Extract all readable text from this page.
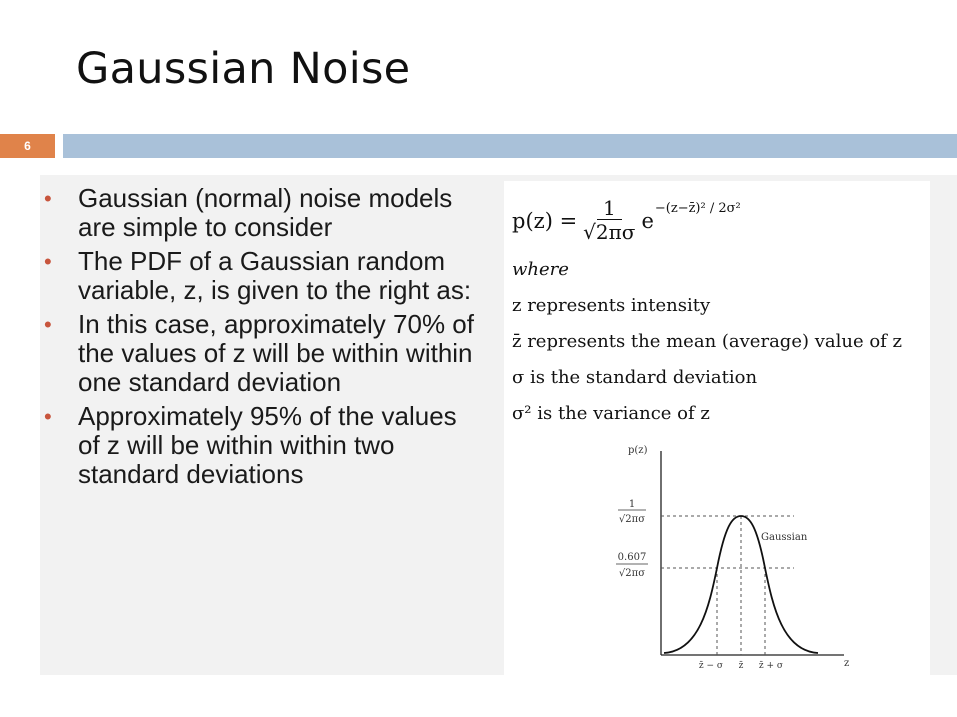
Gaussian Noise
6
• Gaussian (normal) noise models are simple to consider
• The PDF of a Gaussian random variable, z, is given to the right as:
• In this case, approximately 70% of the values of z will be within within one standard deviation
• Approximately 95% of the values of z will be within within two standard deviations
$p(z) = \frac{1}{√2\pi\sigma}$ e −(z−z̄)² / 2σ²
where
z represents intensity
z̄ represents the mean (average) value of z
σ is the standard deviation
σ² is the variance of z
p(z)
z
1
√2πσ
0.607
√2πσ
Gaussian
z̄ − σ z̄ z̄ + σ
